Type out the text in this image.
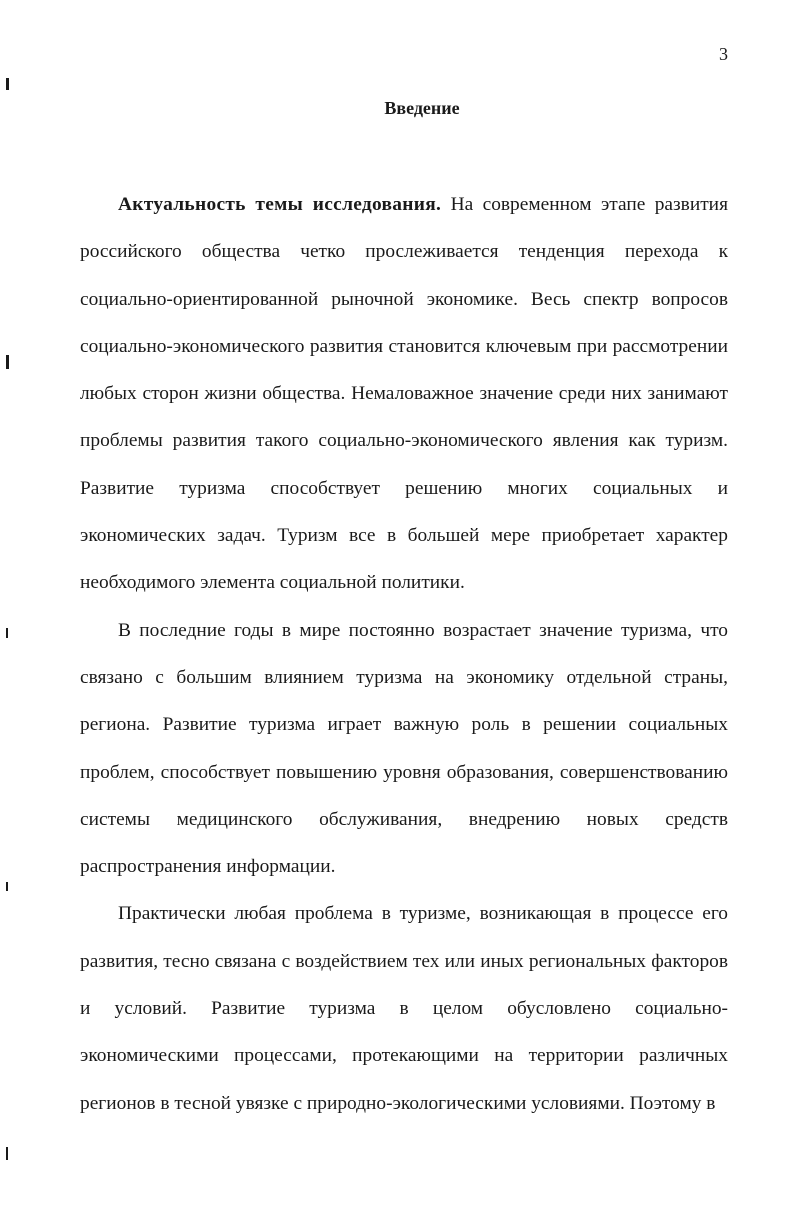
3
Введение

Актуальность темы исследования. На современном этапе развития российского общества четко прослеживается тенденция перехода к социально-ориентированной рыночной экономике. Весь спектр вопросов социально-экономического развития становится ключевым при рассмотрении любых сторон жизни общества. Немаловажное значение среди них занимают проблемы развития такого социально-экономического явления как туризм. Развитие туризма способствует решению многих социальных и экономических задач. Туризм все в большей мере приобретает характер необходимого элемента социальной политики.

В последние годы в мире постоянно возрастает значение туризма, что связано с большим влиянием туризма на экономику отдельной страны, региона. Развитие туризма играет важную роль в решении социальных проблем, способствует повышению уровня образования, совершенствованию системы медицинского обслуживания, внедрению новых средств распространения информации.

Практически любая проблема в туризме, возникающая в процессе его развития, тесно связана с воздействием тех или иных региональных факторов и условий. Развитие туризма в целом обусловлено социально-экономическими процессами, протекающими на территории различных регионов в тесной увязке с природно-экологическими условиями. Поэтому в
